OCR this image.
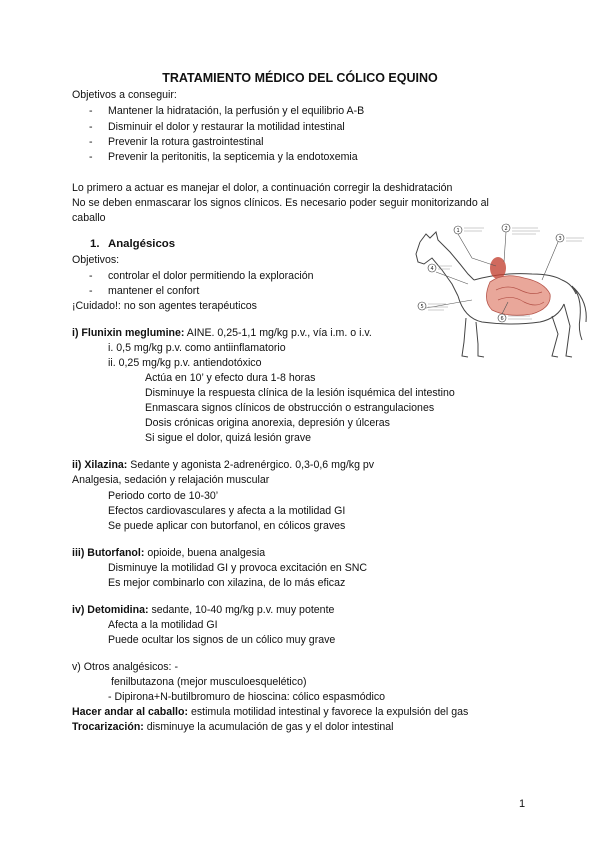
TRATAMIENTO MÉDICO DEL CÓLICO EQUINO
Objetivos a conseguir:
- Mantener la hidratación, la perfusión y el equilibrio A-B
- Disminuir el dolor y restaurar la motilidad intestinal
- Prevenir la rotura gastrointestinal
- Prevenir la peritonitis, la septicemia y la endotoxemia
Lo primero a actuar es manejar el dolor, a continuación corregir la deshidratación
No se deben enmascarar los signos clínicos. Es necesario poder seguir monitorizando al
caballo
1. Analgésicos
Objetivos:
- controlar el dolor permitiendo la exploración
- mantener el confort
¡Cuidado!: no son agentes terapéuticos
i) Flunixin meglumine: AINE. 0,25-1,1 mg/kg p.v., vía i.m. o i.v.
i. 0,5 mg/kg p.v. como antiinflamatorio
ii. 0,25 mg/kg p.v. antiendotóxico
Actúa en 10’ y efecto dura 1-8 horas
Disminuye la respuesta clínica de la lesión isquémica del intestino
Enmascara signos clínicos de obstrucción o estrangulaciones
Dosis crónicas origina anorexia, depresión y úlceras
Si sigue el dolor, quizá lesión grave
ii) Xilazina: Sedante y agonista 2-adrenérgico. 0,3-0,6 mg/kg pv
Analgesia, sedación y relajación muscular
Periodo corto de 10-30’
Efectos cardiovasculares y afecta a la motilidad GI
Se puede aplicar con butorfanol, en cólicos graves
iii) Butorfanol: opioide, buena analgesia
Disminuye la motilidad GI y provoca excitación en SNC
Es mejor combinarlo con xilazina, de lo más eficaz
iv) Detomidina: sedante, 10-40 mg/kg p.v. muy potente
Afecta a la motilidad GI
Puede ocultar los signos de un cólico muy grave
v) Otros analgésicos: -
fenilbutazona (mejor musculoesquelético)
- Dipirona+N-butilbromuro de hioscina: cólico espasmódico
Hacer andar al caballo: estimula motilidad intestinal y favorece la expulsión del gas
Trocarización: disminuye la acumulación de gas y el dolor intestinal
1	2
3
4
5
6
1
